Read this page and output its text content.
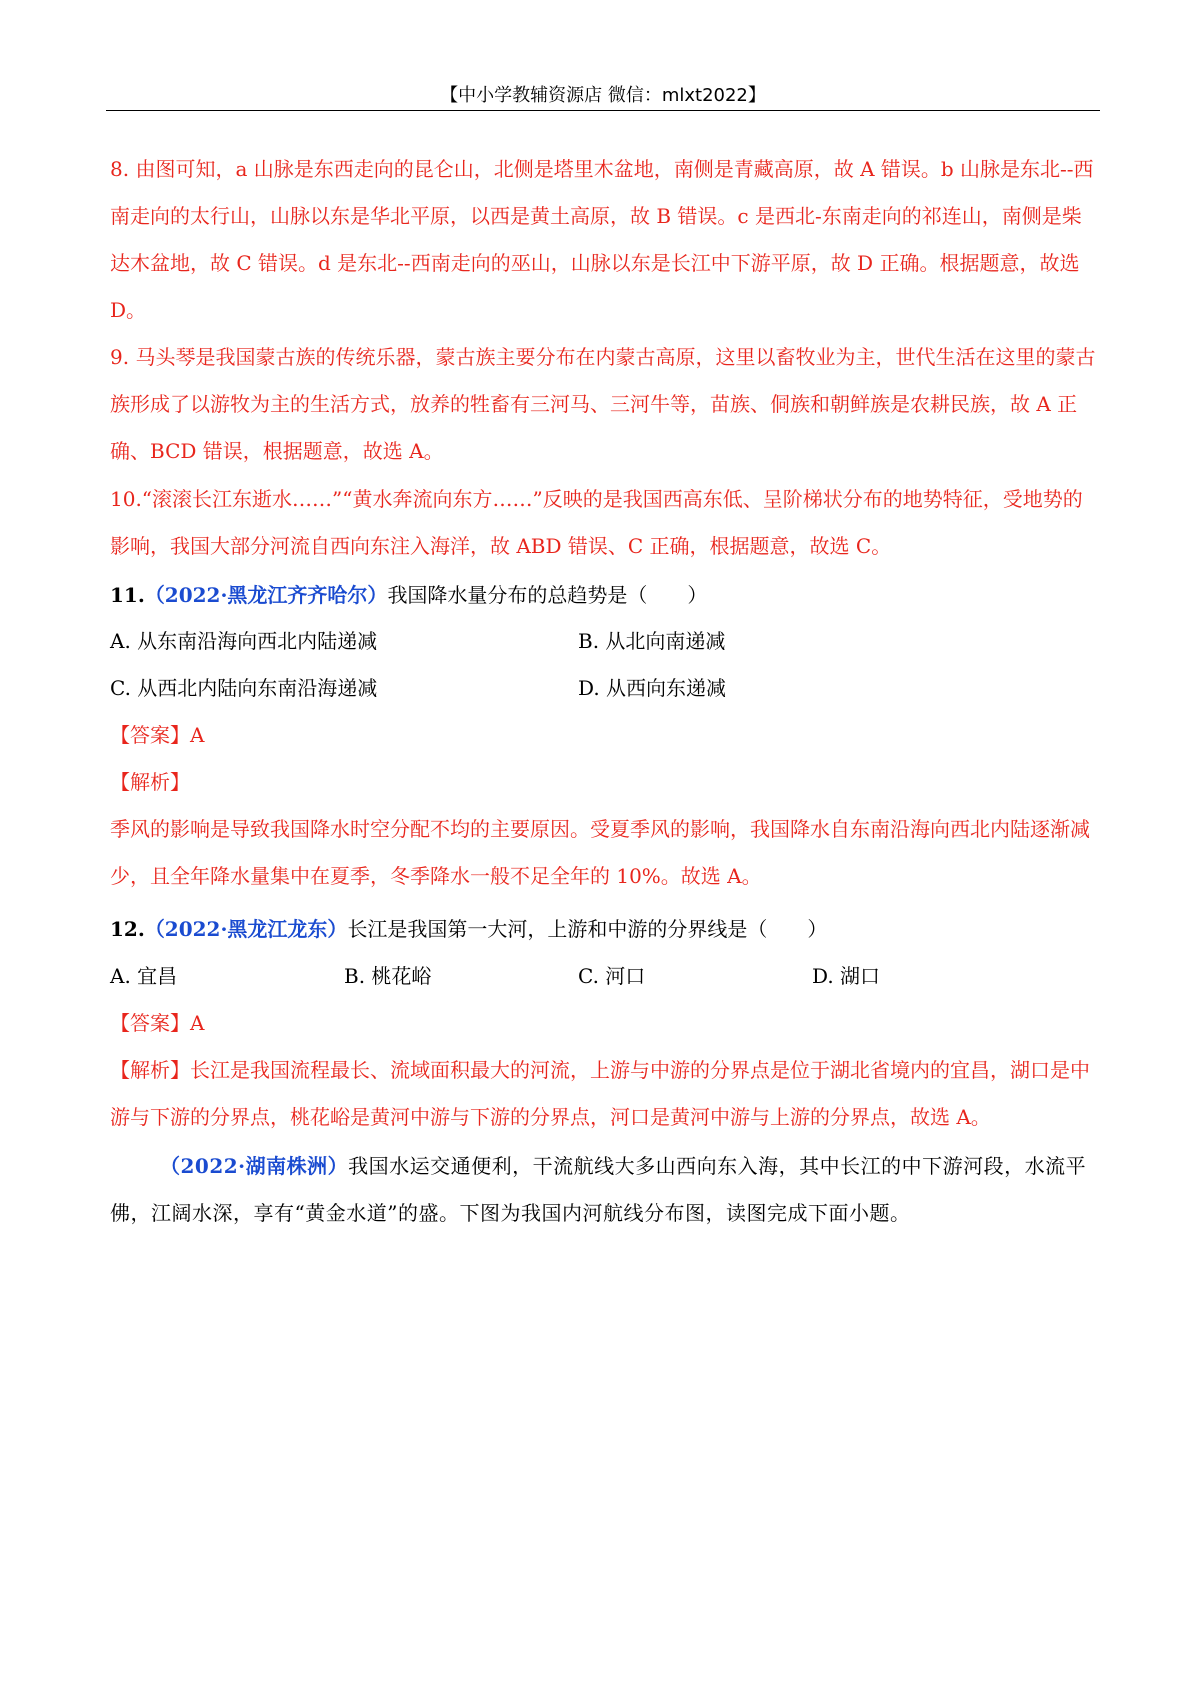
【中小学教辅资源店 微信：mlxt2022】
8. 由图可知，a 山脉是东西走向的昆仑山，北侧是塔里木盆地，南侧是青藏高原，故 A 错误。b 山脉是东北--西南走向的太行山，山脉以东是华北平原，以西是黄土高原，故 B 错误。c 是西北-东南走向的祁连山，南侧是柴达木盆地，故 C 错误。d 是东北--西南走向的巫山，山脉以东是长江中下游平原，故 D 正确。根据题意，故选 D。
9. 马头琴是我国蒙古族的传统乐器，蒙古族主要分布在内蒙古高原，这里以畜牧业为主，世代生活在这里的蒙古族形成了以游牧为主的生活方式，放养的牲畜有三河马、三河牛等，苗族、侗族和朝鲜族是农耕民族，故 A 正确、BCD 错误，根据题意，故选 A。
10.“滚滚长江东逝水……”“黄水奔流向东方……”反映的是我国西高东低、呈阶梯状分布的地势特征，受地势的影响，我国大部分河流自西向东注入海洋，故 ABD 错误、C 正确，根据题意，故选 C。
11.（2022·黑龙江齐齐哈尔）我国降水量分布的总趋势是（　　）
A. 从东南沿海向西北内陆递减	B. 从北向南递减
C. 从西北内陆向东南沿海递减	D. 从西向东递减
【答案】A
【解析】
季风的影响是导致我国降水时空分配不均的主要原因。受夏季风的影响，我国降水自东南沿海向西北内陆逐渐减少，且全年降水量集中在夏季，冬季降水一般不足全年的 10%。故选 A。
12.（2022·黑龙江龙东）长江是我国第一大河，上游和中游的分界线是（　　）
A. 宜昌	B. 桃花峪	C. 河口	D. 湖口
【答案】A
【解析】长江是我国流程最长、流域面积最大的河流，上游与中游的分界点是位于湖北省境内的宜昌，湖口是中游与下游的分界点，桃花峪是黄河中游与下游的分界点，河口是黄河中游与上游的分界点，故选 A。
（2022·湖南株洲）我国水运交通便利，干流航线大多山西向东入海，其中长江的中下游河段，水流平佛，江阔水深，享有“黄金水道”的盛。下图为我国内河航线分布图，读图完成下面小题。
